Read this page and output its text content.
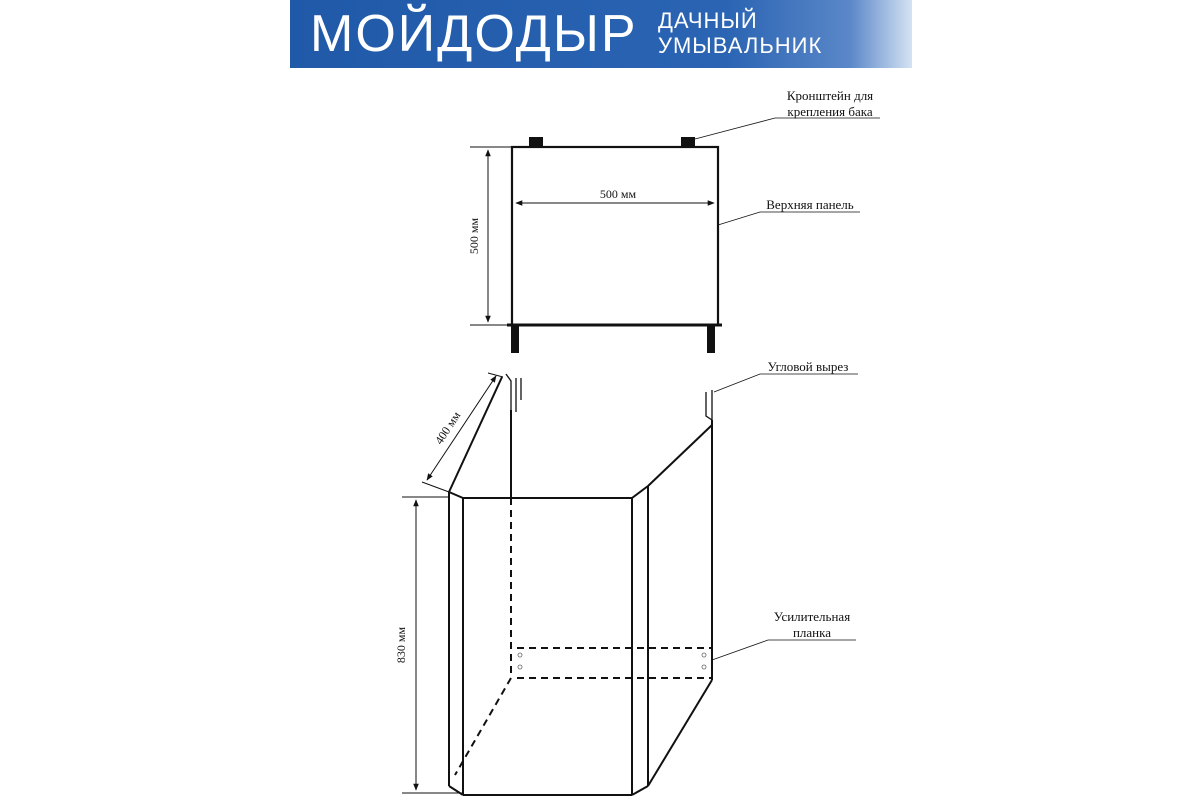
МОЙДОДЫР ДАЧНЫЙ
УМЫВАЛЬНИК
500 мм
500 мм
Кронштейн для
крепления бака
Верхняя панель
Угловой вырез
Усилительная
планка
400 мм
830 мм
